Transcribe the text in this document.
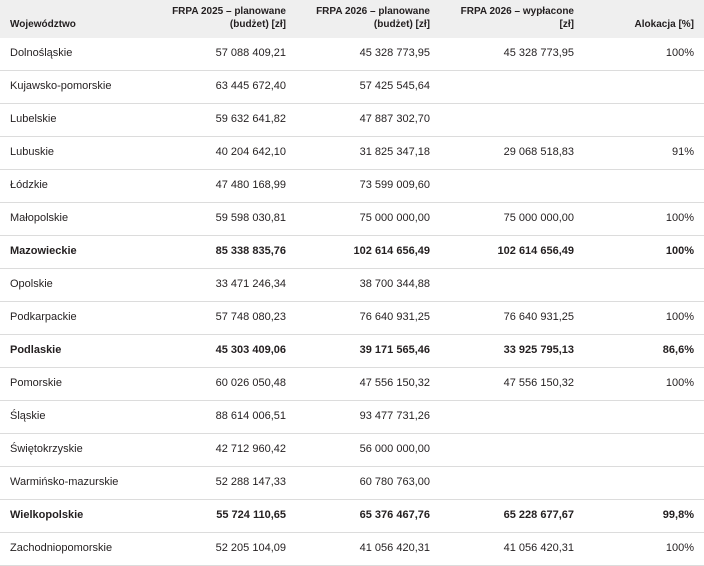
Województwo	FRPA 2025 – planowane (budżet) [zł]	FRPA 2026 – planowane (budżet) [zł]	FRPA 2026 – wypłacone [zł]	Alokacja [%]
Dolnośląskie	57 088 409,21	45 328 773,95	45 328 773,95	100%
Kujawsko-pomorskie	63 445 672,40	57 425 545,64		
Lubelskie	59 632 641,82	47 887 302,70		
Lubuskie	40 204 642,10	31 825 347,18	29 068 518,83	91%
Łódzkie	47 480 168,99	73 599 009,60		
Małopolskie	59 598 030,81	75 000 000,00	75 000 000,00	100%
Mazowieckie	85 338 835,76	102 614 656,49	102 614 656,49	100%
Opolskie	33 471 246,34	38 700 344,88		
Podkarpackie	57 748 080,23	76 640 931,25	76 640 931,25	100%
Podlaskie	45 303 409,06	39 171 565,46	33 925 795,13	86,6%
Pomorskie	60 026 050,48	47 556 150,32	47 556 150,32	100%
Śląskie	88 614 006,51	93 477 731,26		
Świętokrzyskie	42 712 960,42	56 000 000,00		
Warmińsko-mazurskie	52 288 147,33	60 780 763,00		
Wielkopolskie	55 724 110,65	65 376 467,76	65 228 677,67	99,8%
Zachodniopomorskie	52 205 104,09	41 056 420,31	41 056 420,31	100%
